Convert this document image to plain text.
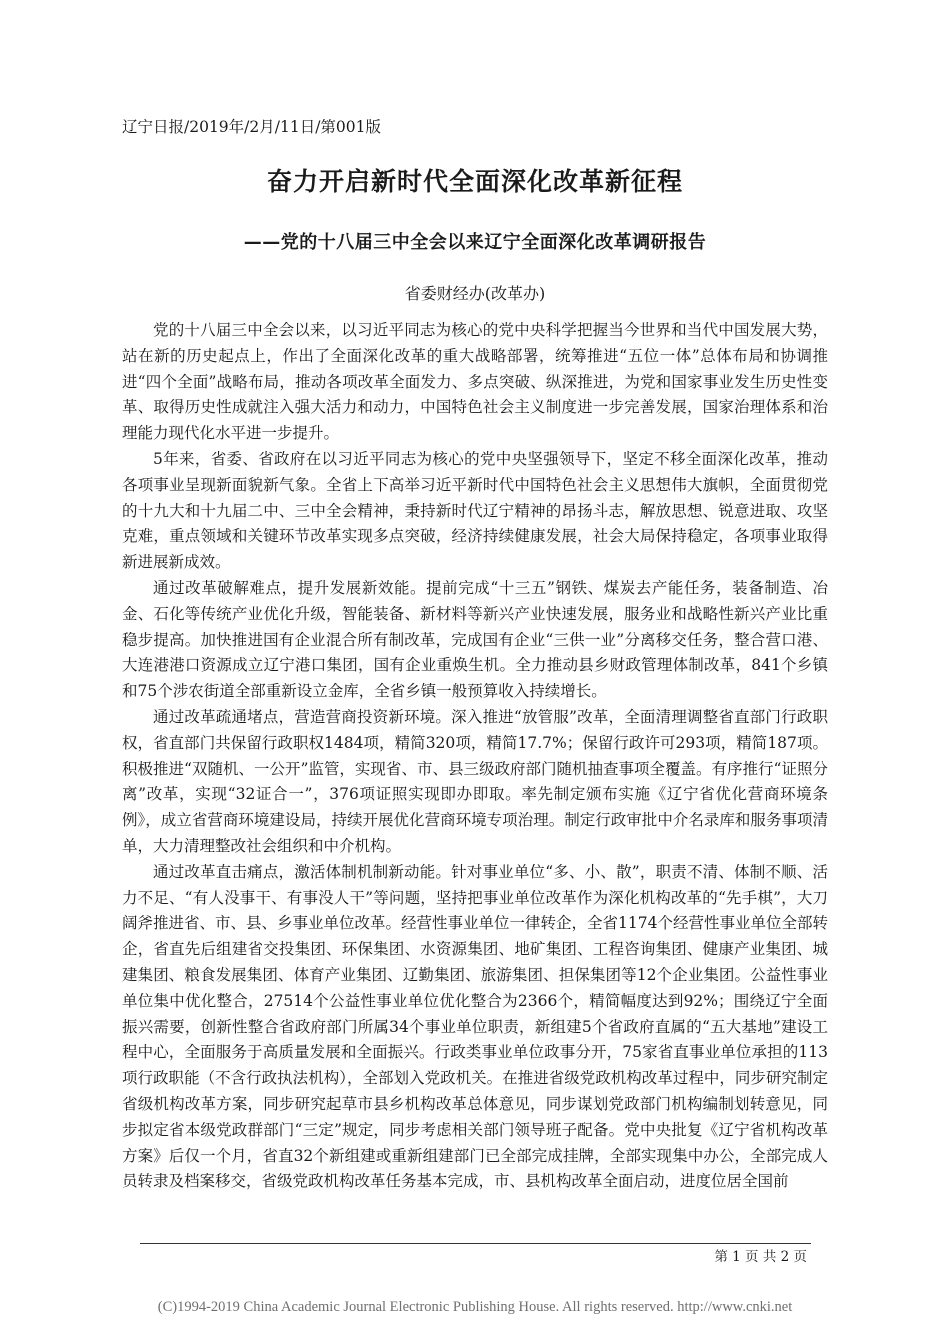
辽宁日报/2019年/2月/11日/第001版
奋力开启新时代全面深化改革新征程
——党的十八届三中全会以来辽宁全面深化改革调研报告
省委财经办(改革办)

党的十八届三中全会以来，以习近平同志为核心的党中央科学把握当今世界和当代中国发展大势，站在新的历史起点上，作出了全面深化改革的重大战略部署，统筹推进“五位一体”总体布局和协调推进“四个全面”战略布局，推动各项改革全面发力、多点突破、纵深推进，为党和国家事业发生历史性变革、取得历史性成就注入强大活力和动力，中国特色社会主义制度进一步完善发展，国家治理体系和治理能力现代化水平进一步提升。

5年来，省委、省政府在以习近平同志为核心的党中央坚强领导下，坚定不移全面深化改革，推动各项事业呈现新面貌新气象。全省上下高举习近平新时代中国特色社会主义思想伟大旗帜，全面贯彻党的十九大和十九届二中、三中全会精神，秉持新时代辽宁精神的昂扬斗志，解放思想、锐意进取、攻坚克难，重点领域和关键环节改革实现多点突破，经济持续健康发展，社会大局保持稳定，各项事业取得新进展新成效。

通过改革破解难点，提升发展新效能。提前完成“十三五”钢铁、煤炭去产能任务，装备制造、冶金、石化等传统产业优化升级，智能装备、新材料等新兴产业快速发展，服务业和战略性新兴产业比重稳步提高。加快推进国有企业混合所有制改革，完成国有企业“三供一业”分离移交任务，整合营口港、大连港港口资源成立辽宁港口集团，国有企业重焕生机。全力推动县乡财政管理体制改革，841个乡镇和75个涉农街道全部重新设立金库，全省乡镇一般预算收入持续增长。

通过改革疏通堵点，营造营商投资新环境。深入推进“放管服”改革，全面清理调整省直部门行政职权，省直部门共保留行政职权1484项，精简320项，精简17.7%；保留行政许可293项，精简187项。积极推进“双随机、一公开”监管，实现省、市、县三级政府部门随机抽查事项全覆盖。有序推行“证照分离”改革，实现“32证合一”，376项证照实现即办即取。率先制定颁布实施《辽宁省优化营商环境条例》，成立省营商环境建设局，持续开展优化营商环境专项治理。制定行政审批中介名录库和服务事项清单，大力清理整改社会组织和中介机构。

通过改革直击痛点，激活体制机制新动能。针对事业单位“多、小、散”，职责不清、体制不顺、活力不足、“有人没事干、有事没人干”等问题，坚持把事业单位改革作为深化机构改革的“先手棋”，大刀阔斧推进省、市、县、乡事业单位改革。经营性事业单位一律转企，全省1174个经营性事业单位全部转企，省直先后组建省交投集团、环保集团、水资源集团、地矿集团、工程咨询集团、健康产业集团、城建集团、粮食发展集团、体育产业集团、辽勤集团、旅游集团、担保集团等12个企业集团。公益性事业单位集中优化整合，27514个公益性事业单位优化整合为2366个，精简幅度达到92%；围绕辽宁全面振兴需要，创新性整合省政府部门所属34个事业单位职责，新组建5个省政府直属的“五大基地”建设工程中心，全面服务于高质量发展和全面振兴。行政类事业单位政事分开，75家省直事业单位承担的113项行政职能（不含行政执法机构），全部划入党政机关。在推进省级党政机构改革过程中，同步研究制定省级机构改革方案，同步研究起草市县乡机构改革总体意见，同步谋划党政部门机构编制划转意见，同步拟定省本级党政群部门“三定”规定，同步考虑相关部门领导班子配备。党中央批复《辽宁省机构改革方案》后仅一个月，省直32个新组建或重新组建部门已全部完成挂牌，全部实现集中办公，全部完成人员转隶及档案移交，省级党政机构改革任务基本完成，市、县机构改革全面启动，进度位居全国前

第 1 页 共 2 页
(C)1994-2019 China Academic Journal Electronic Publishing House. All rights reserved. http://www.cnki.net
